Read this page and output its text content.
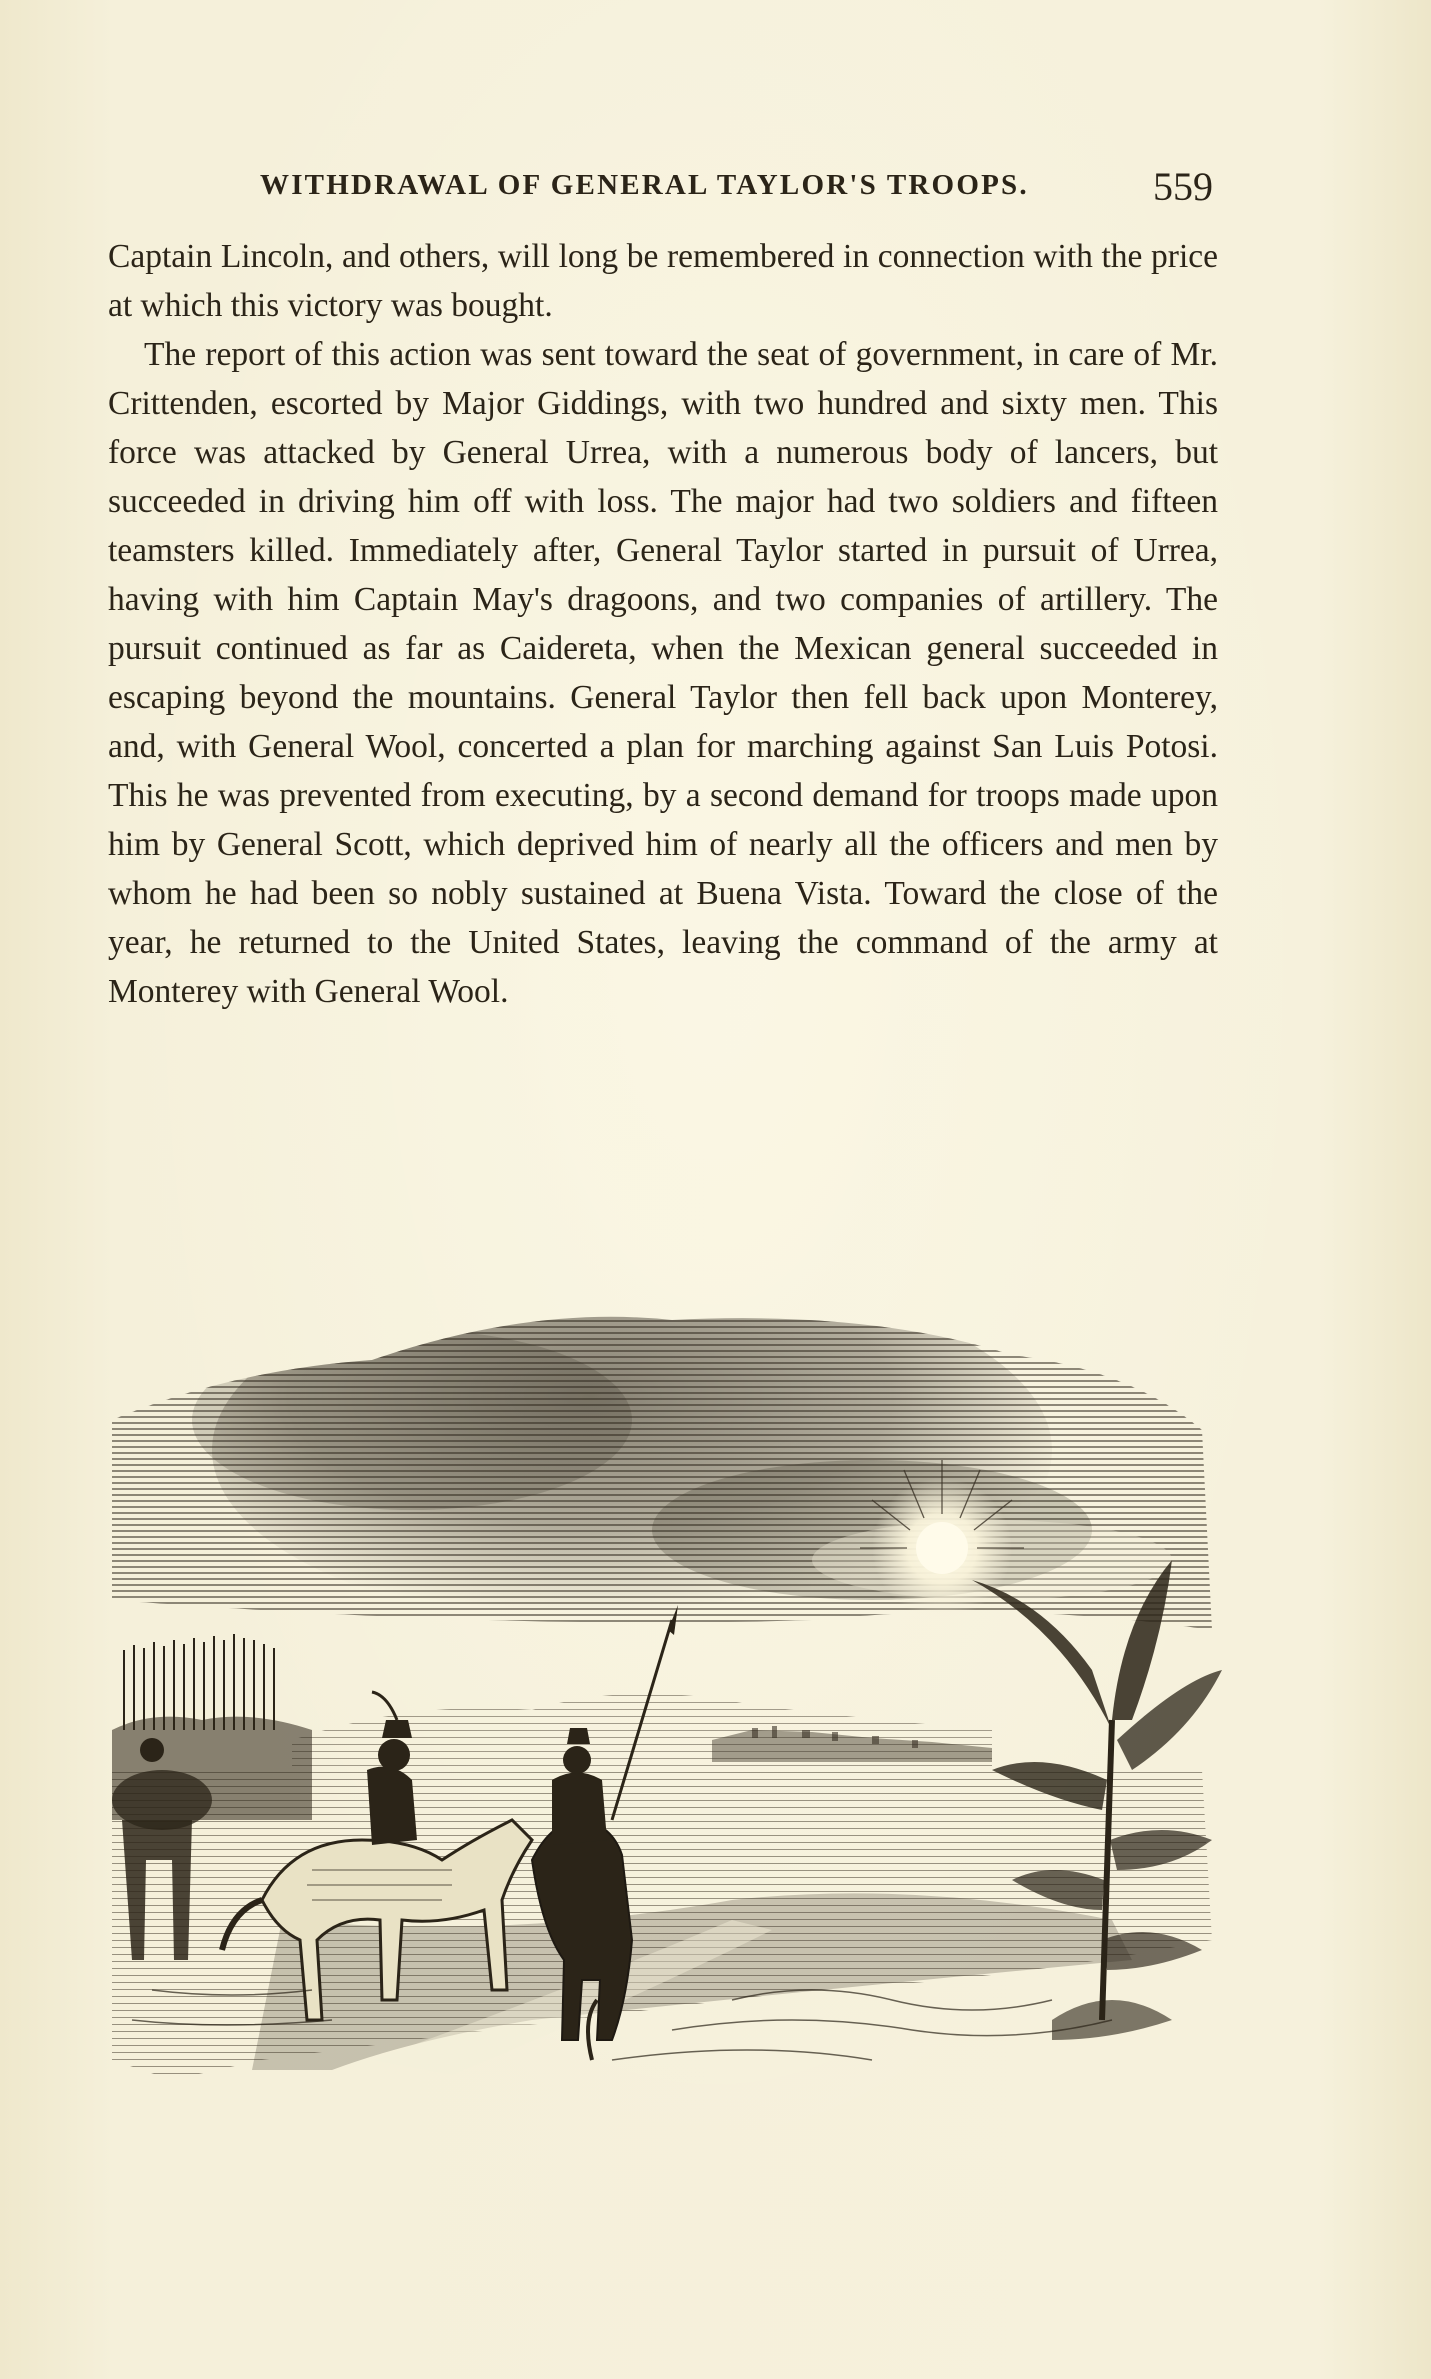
WITHDRAWAL OF GENERAL TAYLOR'S TROOPS.	559

Captain Lincoln, and others, will long be remembered in connection with the price at which this victory was bought.

The report of this action was sent toward the seat of government, in care of Mr. Crittenden, escorted by Major Giddings, with two hundred and sixty men. This force was attacked by General Urrea, with a numerous body of lancers, but succeeded in driving him off with loss. The major had two soldiers and fifteen teamsters killed. Immediately after, General Taylor started in pursuit of Urrea, having with him Captain May's dragoons, and two companies of artillery. The pursuit continued as far as Caidereta, when the Mexican general succeeded in escaping beyond the mountains. General Taylor then fell back upon Monterey, and, with General Wool, concerted a plan for marching against San Luis Potosi. This he was prevented from executing, by a second demand for troops made upon him by General Scott, which deprived him of nearly all the officers and men by whom he had been so nobly sustained at Buena Vista. Toward the close of the year, he returned to the United States, leaving the command of the army at Monterey with General Wool.
